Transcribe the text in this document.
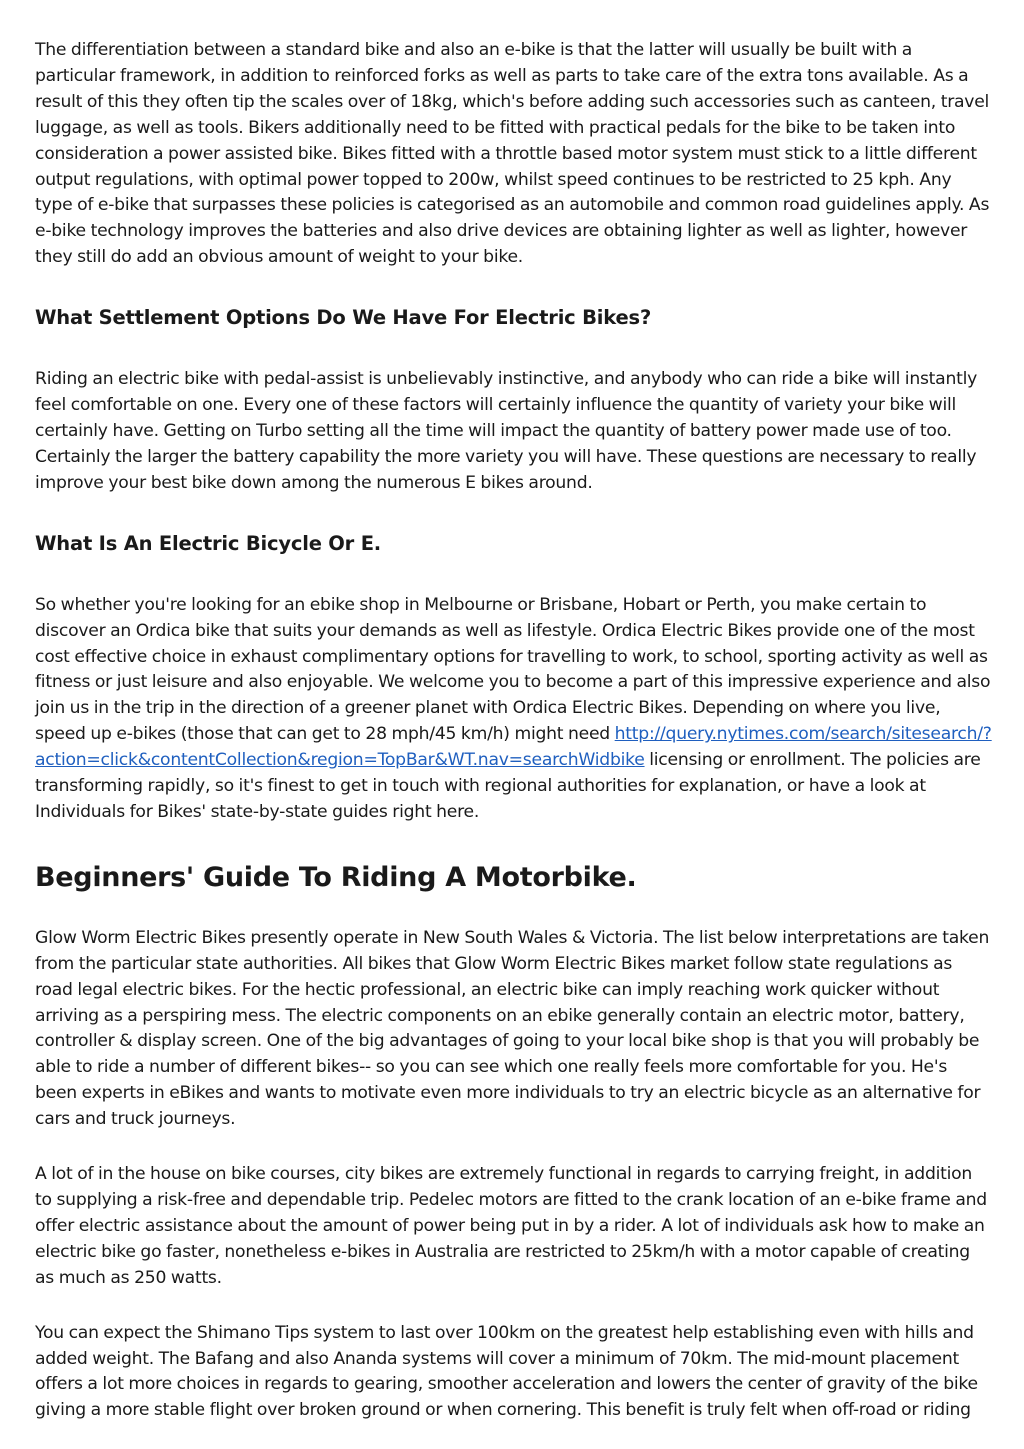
The differentiation between a standard bike and also an e-bike is that the latter will usually be built with a particular framework, in addition to reinforced forks as well as parts to take care of the extra tons available. As a result of this they often tip the scales over of 18kg, which's before adding such accessories such as canteen, travel luggage, as well as tools. Bikers additionally need to be fitted with practical pedals for the bike to be taken into consideration a power assisted bike. Bikes fitted with a throttle based motor system must stick to a little different output regulations, with optimal power topped to 200w, whilst speed continues to be restricted to 25 kph. Any type of e-bike that surpasses these policies is categorised as an automobile and common road guidelines apply. As e-bike technology improves the batteries and also drive devices are obtaining lighter as well as lighter, however they still do add an obvious amount of weight to your bike.

What Settlement Options Do We Have For Electric Bikes?

Riding an electric bike with pedal-assist is unbelievably instinctive, and anybody who can ride a bike will instantly feel comfortable on one. Every one of these factors will certainly influence the quantity of variety your bike will certainly have. Getting on Turbo setting all the time will impact the quantity of battery power made use of too. Certainly the larger the battery capability the more variety you will have. These questions are necessary to really improve your best bike down among the numerous E bikes around.

What Is An Electric Bicycle Or E.

So whether you're looking for an ebike shop in Melbourne or Brisbane, Hobart or Perth, you make certain to discover an Ordica bike that suits your demands as well as lifestyle. Ordica Electric Bikes provide one of the most cost effective choice in exhaust complimentary options for travelling to work, to school, sporting activity as well as fitness or just leisure and also enjoyable. We welcome you to become a part of this impressive experience and also join us in the trip in the direction of a greener planet with Ordica Electric Bikes. Depending on where you live, speed up e-bikes (those that can get to 28 mph/45 km/h) might need http://query.nytimes.com/search/sitesearch/?action=click&contentCollection&region=TopBar&WT.nav=searchWidbike licensing or enrollment. The policies are transforming rapidly, so it's finest to get in touch with regional authorities for explanation, or have a look at Individuals for Bikes' state-by-state guides right here.

Beginners' Guide To Riding A Motorbike.

Glow Worm Electric Bikes presently operate in New South Wales & Victoria. The list below interpretations are taken from the particular state authorities. All bikes that Glow Worm Electric Bikes market follow state regulations as road legal electric bikes. For the hectic professional, an electric bike can imply reaching work quicker without arriving as a perspiring mess. The electric components on an ebike generally contain an electric motor, battery, controller & display screen. One of the big advantages of going to your local bike shop is that you will probably be able to ride a number of different bikes-- so you can see which one really feels more comfortable for you. He's been experts in eBikes and wants to motivate even more individuals to try an electric bicycle as an alternative for cars and truck journeys.

A lot of in the house on bike courses, city bikes are extremely functional in regards to carrying freight, in addition to supplying a risk-free and dependable trip. Pedelec motors are fitted to the crank location of an e-bike frame and offer electric assistance about the amount of power being put in by a rider. A lot of individuals ask how to make an electric bike go faster, nonetheless e-bikes in Australia are restricted to 25km/h with a motor capable of creating as much as 250 watts.

You can expect the Shimano Tips system to last over 100km on the greatest help establishing even with hills and added weight. The Bafang and also Ananda systems will cover a minimum of 70km. The mid-mount placement offers a lot more choices in regards to gearing, smoother acceleration and lowers the center of gravity of the bike giving a more stable flight over broken ground or when cornering. This benefit is truly felt when off-road or riding
